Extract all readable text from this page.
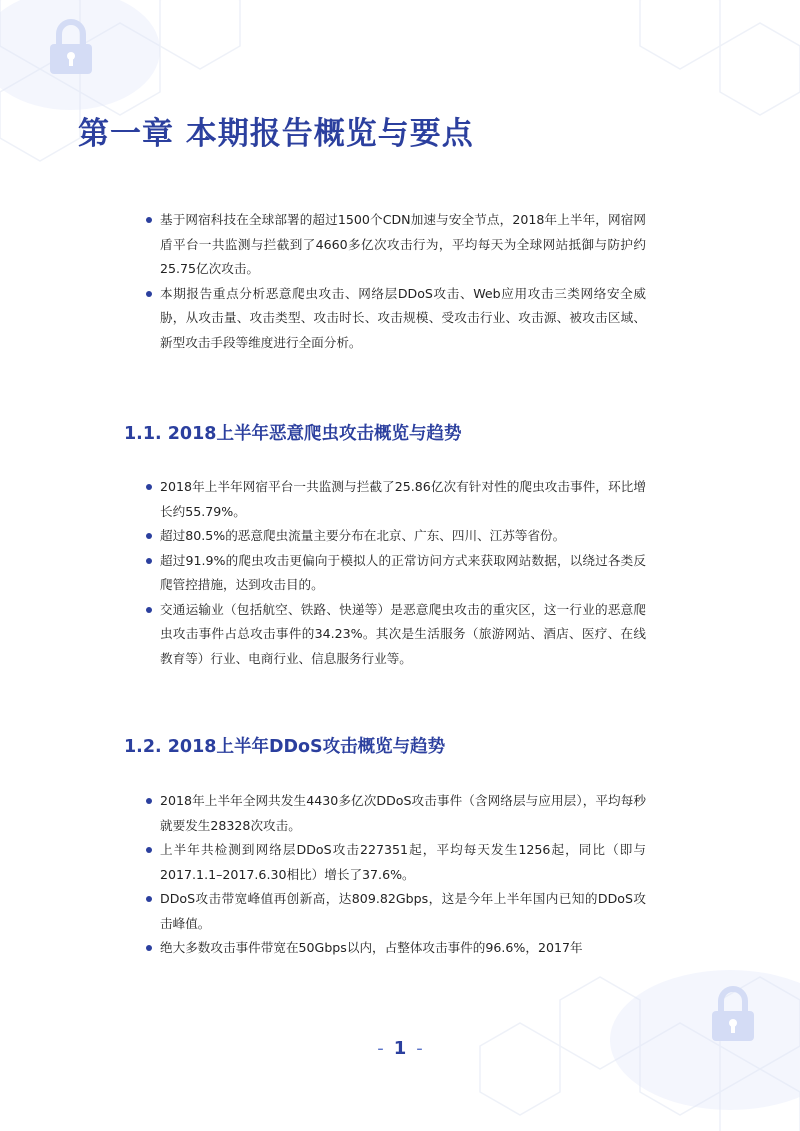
第一章 本期报告概览与要点
基于网宿科技在全球部署的超过1500个CDN加速与安全节点，2018年上半年，网宿网盾平台一共监测与拦截到了4660多亿次攻击行为，平均每天为全球网站抵御与防护约25.75亿次攻击。
本期报告重点分析恶意爬虫攻击、网络层DDoS攻击、Web应用攻击三类网络安全威胁，从攻击量、攻击类型、攻击时长、攻击规模、受攻击行业、攻击源、被攻击区域、新型攻击手段等维度进行全面分析。
1.1. 2018上半年恶意爬虫攻击概览与趋势
2018年上半年网宿平台一共监测与拦截了25.86亿次有针对性的爬虫攻击事件，环比增长约55.79%。
超过80.5%的恶意爬虫流量主要分布在北京、广东、四川、江苏等省份。
超过91.9%的爬虫攻击更偏向于模拟人的正常访问方式来获取网站数据，以绕过各类反爬管控措施，达到攻击目的。
交通运输业（包括航空、铁路、快递等）是恶意爬虫攻击的重灾区，这一行业的恶意爬虫攻击事件占总攻击事件的34.23%。其次是生活服务（旅游网站、酒店、医疗、在线教育等）行业、电商行业、信息服务行业等。
1.2. 2018上半年DDoS攻击概览与趋势
2018年上半年全网共发生4430多亿次DDoS攻击事件（含网络层与应用层），平均每秒就要发生28328次攻击。
上半年共检测到网络层DDoS攻击227351起，平均每天发生1256起，同比（即与2017.1.1–2017.6.30相比）增长了37.6%。
DDoS攻击带宽峰值再创新高，达809.82Gbps，这是今年上半年国内已知的DDoS攻击峰值。
绝大多数攻击事件带宽在50Gbps以内，占整体攻击事件的96.6%，2017年
- 1 -
